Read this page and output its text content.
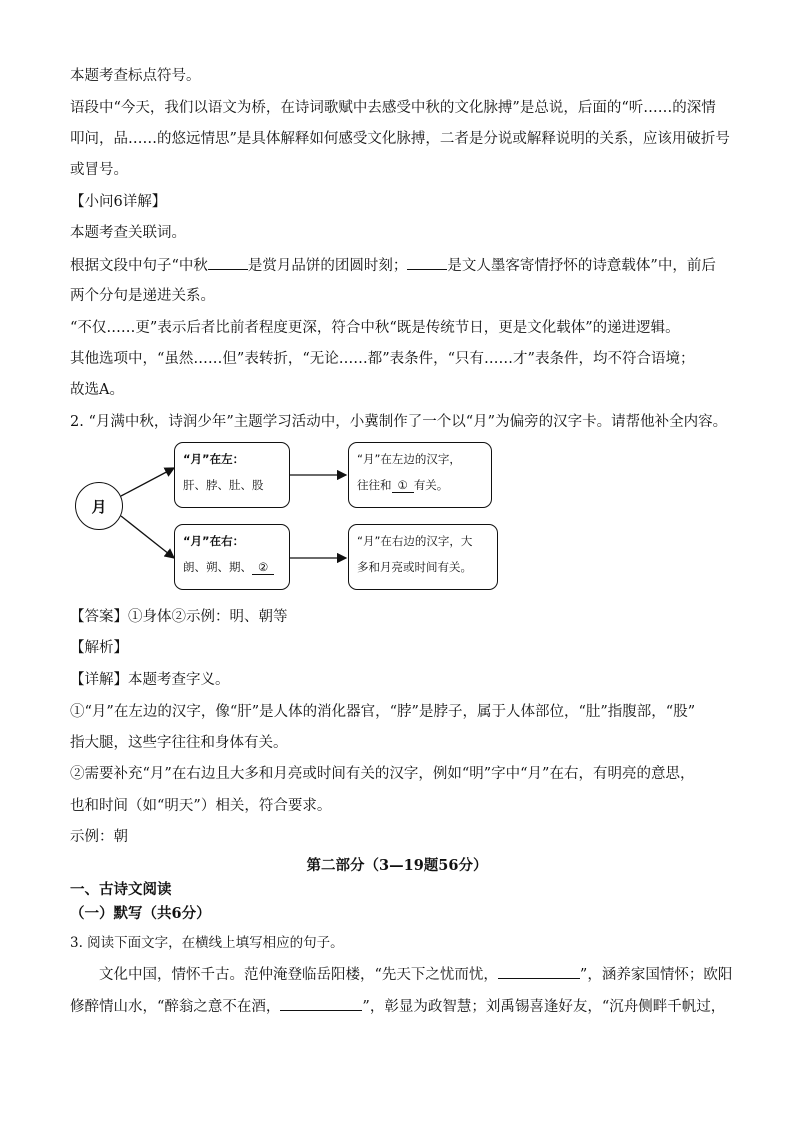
本题考查标点符号。
语段中“今天，我们以语文为桥，在诗词歌赋中去感受中秋的文化脉搏”是总说，后面的“听……的深情
叩问，品……的悠远情思”是具体解释如何感受文化脉搏，二者是分说或解释说明的关系，应该用破折号
或冒号。
【小问6详解】
本题考查关联词。
根据文段中句子“中秋	是赏月品饼的团圆时刻；	是文人墨客寄情抒怀的诗意载体”中，前后
两个分句是递进关系。
“不仅……更”表示后者比前者程度更深，符合中秋“既是传统节日，更是文化载体”的递进逻辑。
其他选项中，“虽然……但”表转折，“无论……都”表条件，“只有……才”表条件，均不符合语境；
故选A。
2. “月满中秋，诗润少年”主题学习活动中，小冀制作了一个以“月”为偏旁的汉字卡。请帮他补全内容。
月
“月”在左：
肝、脖、肚、股
“月”在左边的汉字，
往往和 ① 有关。
“月”在右：
朗、朔、期、 ②
“月”在右边的汉字，大
多和月亮或时间有关。
【答案】①身体②示例：明、朝等
【解析】
【详解】本题考查字义。
①“月”在左边的汉字，像“肝”是人体的消化器官，“脖”是脖子，属于人体部位，“肚”指腹部，“股”
指大腿，这些字往往和身体有关。
②需要补充“月”在右边且大多和月亮或时间有关的汉字，例如“明”字中“月”在右，有明亮的意思，
也和时间（如“明天”）相关，符合要求。
示例：朝
第二部分（3—19题56分）
一、古诗文阅读
（一）默写（共6分）
3. 阅读下面文字，在横线上填写相应的句子。
文化中国，情怀千古。范仲淹登临岳阳楼，“先天下之忧而忧，	”，涵养家国情怀；欧阳
修醉情山水，“醉翁之意不在酒，	”，彰显为政智慧；刘禹锡喜逢好友，“沉舟侧畔千帆过，
